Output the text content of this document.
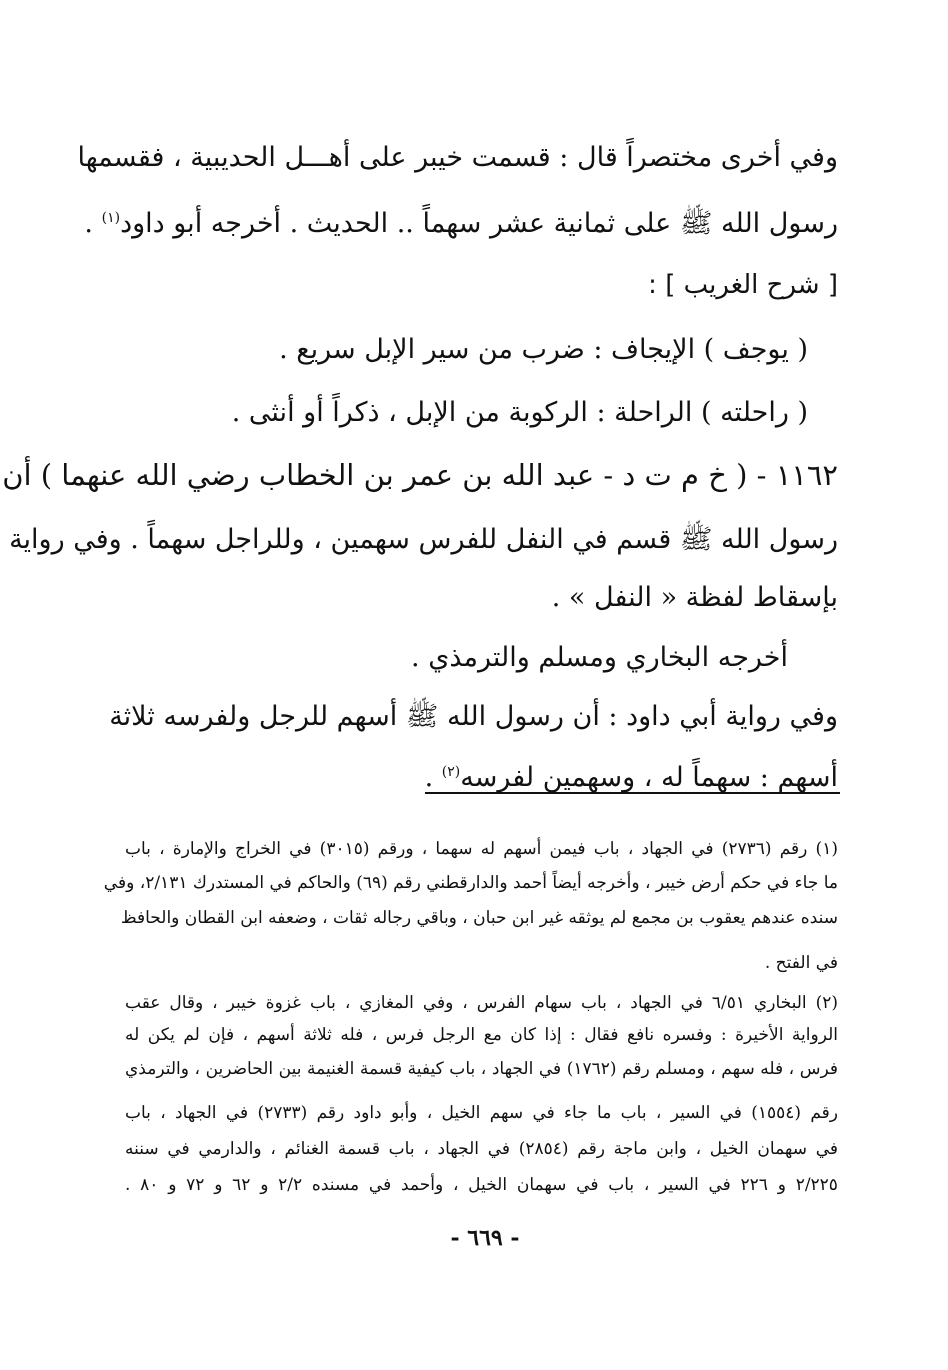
وفي أخرى مختصراً قال : قسمت خيبر على أهـــل الحديبية ، فقسمها
رسول الله ﷺ على ثمانية عشر سهماً .. الحديث . أخرجه أبو داود$^{(١)}$ .
[ شرح الغريب ] :
( يوجف ) الإيجاف : ضرب من سير الإبل سريع .
( راحلته ) الراحلة : الركوبة من الإبل ، ذكراً أو أنثى .
١١٦٢ - ( خ م ت د - عبد الله بن عمر بن الخطاب رضي الله عنهما ) أن
رسول الله ﷺ قسم في النفل للفرس سهمين ، وللراجل سهماً . وفي رواية
بإسقاط لفظة « النفل » .
أخرجه البخاري ومسلم والترمذي .
وفي رواية أبي داود : أن رسول الله ﷺ أسهم للرجل ولفرسه ثلاثة
أسهم : سهماً له ، وسهمين لفرسه$^{(٢)}$ .
(١) رقم (٢٧٣٦) في الجهاد ، باب فيمن أسهم له سهما ، ورقم (٣٠١٥) في الخراج والإمارة ، باب
ما جاء في حكم أرض خيبر ، وأخرجه أيضاً أحمد والدارقطني رقم (٦٩) والحاكم في المستدرك ٢/١٣١، وفي
سنده عندهم يعقوب بن مجمع لم يوثقه غير ابن حبان ، وباقي رجاله ثقات ، وضعفه ابن القطان والحافظ
في الفتح .
(٢) البخاري ٦/٥١ في الجهاد ، باب سهام الفرس ، وفي المغازي ، باب غزوة خيبر ، وقال عقب
الرواية الأخيرة : وفسره نافع فقال : إذا كان مع الرجل فرس ، فله ثلاثة أسهم ، فإن لم يكن له
فرس ، فله سهم ، ومسلم رقم (١٧٦٢) في الجهاد ، باب كيفية قسمة الغنيمة بين الحاضرين ، والترمذي
رقم (١٥٥٤) في السير ، باب ما جاء في سهم الخيل ، وأبو داود رقم (٢٧٣٣) في الجهاد ، باب
في سهمان الخيل ، وابن ماجة رقم (٢٨٥٤) في الجهاد ، باب قسمة الغنائم ، والدارمي في سننه
٢/٢٢٥ و ٢٢٦ في السير ، باب في سهمان الخيل ، وأحمد في مسنده ٢/٢ و ٦٢ و ٧٢ و ٨٠ .
- ٦٦٩ -
